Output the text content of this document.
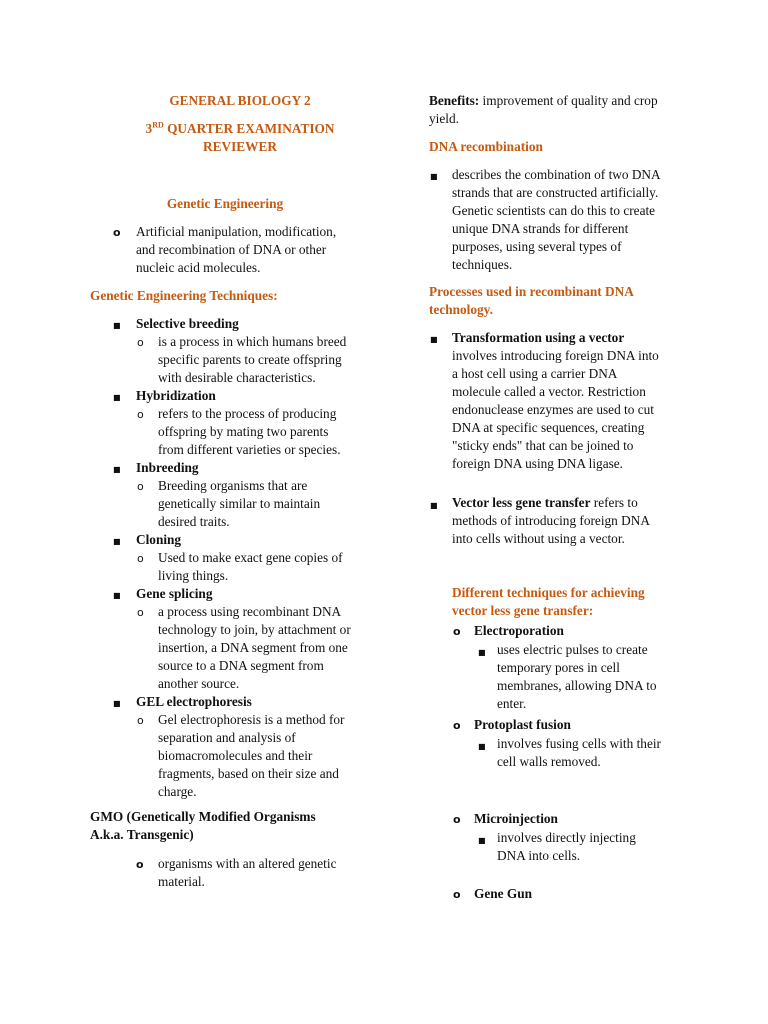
GENERAL BIOLOGY 2
3RD QUARTER EXAMINATION
REVIEWER
Genetic Engineering
o Artificial manipulation, modification,
and recombination of DNA or other
nucleic acid molecules.
Genetic Engineering Techniques:
■ Selective breeding
o is a process in which humans breed
specific parents to create offspring
with desirable characteristics.
■ Hybridization
o refers to the process of producing
offspring by mating two parents
from different varieties or species.
■ Inbreeding
o Breeding organisms that are
genetically similar to maintain
desired traits.
■ Cloning
o Used to make exact gene copies of
living things.
■ Gene splicing
o a process using recombinant DNA
technology to join, by attachment or
insertion, a DNA segment from one
source to a DNA segment from
another source.
■ GEL electrophoresis
o Gel electrophoresis is a method for
separation and analysis of
biomacromolecules and their
fragments, based on their size and
charge.
GMO (Genetically Modified Organisms
A.k.a. Transgenic)
o organisms with an altered genetic
material.
Benefits: improvement of quality and crop
yield.
DNA recombination
■ describes the combination of two DNA
strands that are constructed artificially.
Genetic scientists can do this to create
unique DNA strands for different
purposes, using several types of
techniques.
Processes used in recombinant DNA
technology.
■ Transformation using a vector
involves introducing foreign DNA into
a host cell using a carrier DNA
molecule called a vector. Restriction
endonuclease enzymes are used to cut
DNA at specific sequences, creating
"sticky ends" that can be joined to
foreign DNA using DNA ligase.
■ Vector less gene transfer refers to
methods of introducing foreign DNA
into cells without using a vector.
Different techniques for achieving
vector less gene transfer:
o Electroporation
■ uses electric pulses to create
temporary pores in cell
membranes, allowing DNA to
enter.
o Protoplast fusion
■ involves fusing cells with their
cell walls removed.
o Microinjection
■ involves directly injecting
DNA into cells.
o Gene Gun
